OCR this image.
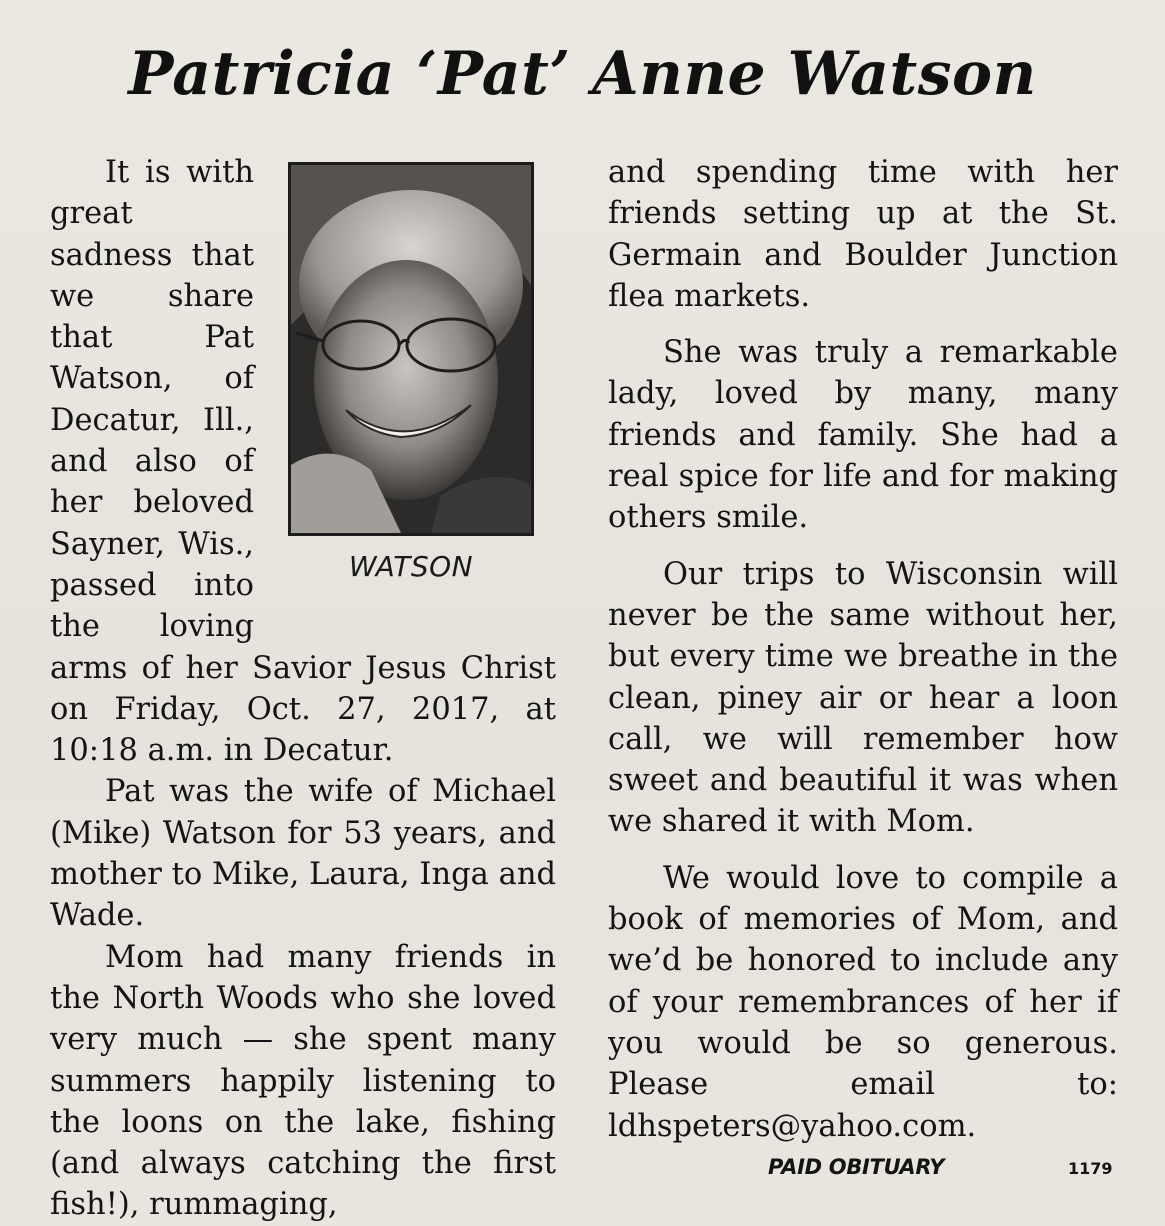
Patricia ‘Pat’ Anne Watson
WATSON

It is with great sadness that we share that Pat Watson, of Decatur, Ill., and also of her beloved Sayner, Wis., passed into the loving arms of her Savior Jesus Christ on Friday, Oct. 27, 2017, at 10:18 a.m. in Decatur.

Pat was the wife of Michael (Mike) Watson for 53 years, and mother to Mike, Laura, Inga and Wade.

Mom had many friends in the North Woods who she loved very much — she spent many summers happily listening to the loons on the lake, fishing (and always catching the first fish!), rummaging,

and spending time with her friends setting up at the St. Germain and Boulder Junction flea markets.

She was truly a remarkable lady, loved by many, many friends and family. She had a real spice for life and for making others smile.

Our trips to Wisconsin will never be the same without her, but every time we breathe in the clean, piney air or hear a loon call, we will remember how sweet and beautiful it was when we shared it with Mom.

We would love to compile a book of memories of Mom, and we’d be honored to include any of your remembrances of her if you would be so generous. Please email to: ldhspeters@yahoo.com.

PAID OBITUARY	1179
